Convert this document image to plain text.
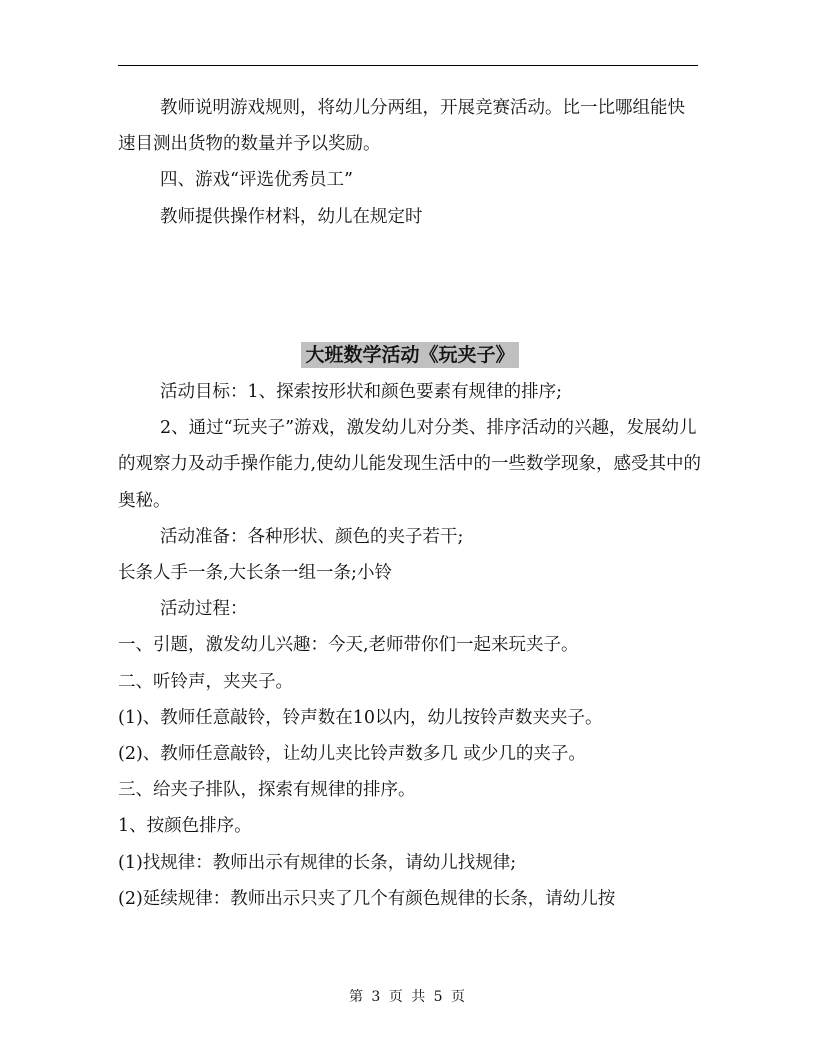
教师说明游戏规则，将幼儿分两组，开展竞赛活动。比一比哪组能快速目测出货物的数量并予以奖励。

四、游戏“评选优秀员工”

教师提供操作材料，幼儿在规定时

大班数学活动《玩夹子》

活动目标：1、探索按形状和颜色要素有规律的排序;

2、通过“玩夹子”游戏，激发幼儿对分类、排序活动的兴趣，发展幼儿的观察力及动手操作能力,使幼儿能发现生活中的一些数学现象，感受其中的奥秘。

活动准备：各种形状、颜色的夹子若干;

长条人手一条,大长条一组一条;小铃

活动过程：

一、引题，激发幼儿兴趣：今天,老师带你们一起来玩夹子。

二、听铃声，夹夹子。

(1)、教师任意敲铃，铃声数在10以内，幼儿按铃声数夹夹子。

(2)、教师任意敲铃，让幼儿夹比铃声数多几 或少几的夹子。

三、给夹子排队，探索有规律的排序。

1、按颜色排序。

(1)找规律：教师出示有规律的长条，请幼儿找规律;

(2)延续规律：教师出示只夹了几个有颜色规律的长条，请幼儿按

第 3 页 共 5 页
